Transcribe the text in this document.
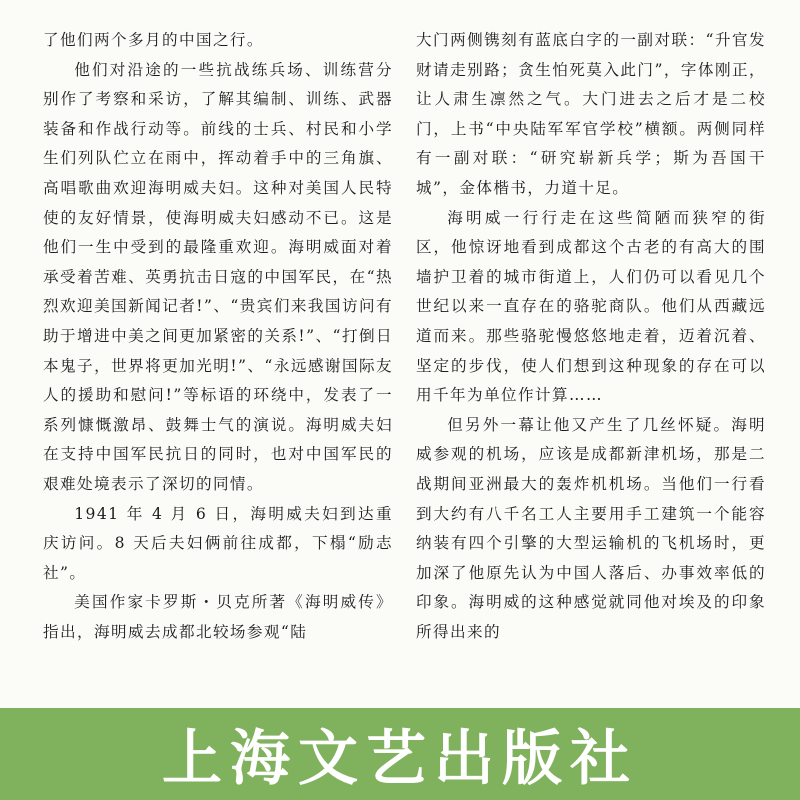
了他们两个多月的中国之行。

他们对沿途的一些抗战练兵场、训练营分别作了考察和采访，了解其编制、训练、武器装备和作战行动等。前线的士兵、村民和小学生们列队伫立在雨中，挥动着手中的三角旗、高唱歌曲欢迎海明威夫妇。这种对美国人民特使的友好情景，使海明威夫妇感动不已。这是他们一生中受到的最隆重欢迎。海明威面对着承受着苦难、英勇抗击日寇的中国军民，在“热烈欢迎美国新闻记者!”、“贵宾们来我国访问有助于增进中美之间更加紧密的关系!”、“打倒日本鬼子，世界将更加光明!”、“永远感谢国际友人的援助和慰问!”等标语的环绕中，发表了一系列慷慨激昂、鼓舞士气的演说。海明威夫妇在支持中国军民抗日的同时，也对中国军民的艰难处境表示了深切的同情。

1941 年 4 月 6 日，海明威夫妇到达重庆访问。8 天后夫妇俩前往成都，下榻“励志社”。

美国作家卡罗斯・贝克所著《海明威传》指出，海明威去成都北较场参观“陆

大门两侧镌刻有蓝底白字的一副对联：“升官发财请走别路；贪生怕死莫入此门”，字体刚正，让人肃生凛然之气。大门进去之后才是二校门，上书“中央陆军军官学校”横额。两侧同样有一副对联：“研究崭新兵学；斯为吾国干城”，金体楷书，力道十足。

海明威一行行走在这些简陋而狭窄的街区，他惊讶地看到成都这个古老的有高大的围墙护卫着的城市街道上，人们仍可以看见几个世纪以来一直存在的骆驼商队。他们从西藏远道而来。那些骆驼慢悠悠地走着，迈着沉着、坚定的步伐，使人们想到这种现象的存在可以用千年为单位作计算……

但另外一幕让他又产生了几丝怀疑。海明威参观的机场，应该是成都新津机场，那是二战期间亚洲最大的轰炸机机场。当他们一行看到大约有八千名工人主要用手工建筑一个能容纳装有四个引擎的大型运输机的飞机场时，更加深了他原先认为中国人落后、办事效率低的印象。海明威的这种感觉就同他对埃及的印象所得出来的

上海文艺出版社
